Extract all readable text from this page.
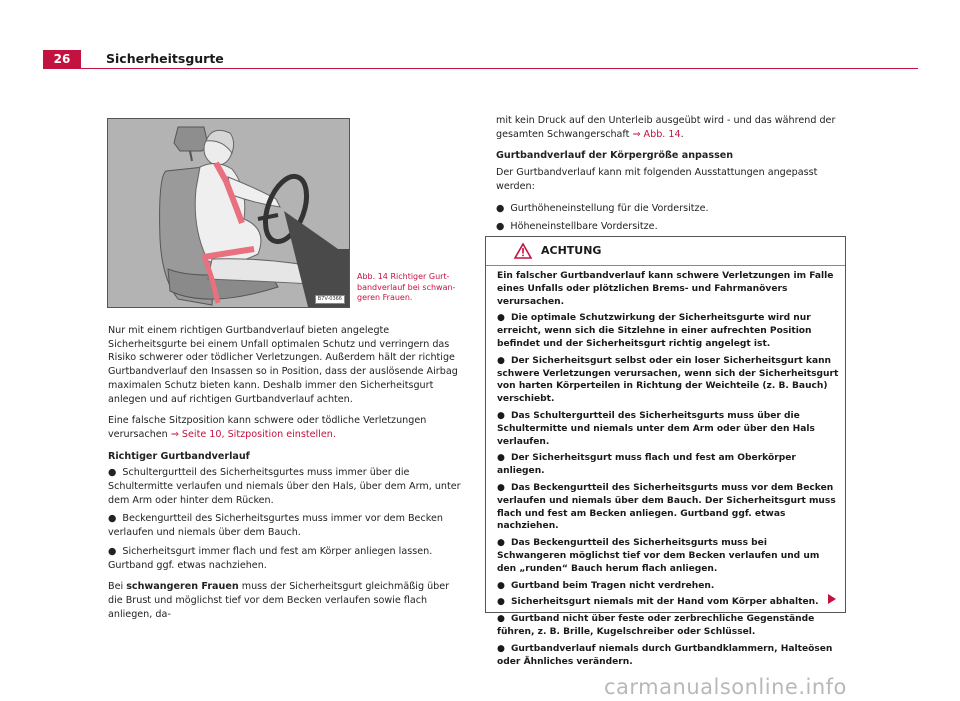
26	Sicherheitsgurte
B7V-0366
Abb. 14 Richtiger Gurt-bandverlauf bei schwan-geren Frauen.

Nur mit einem richtigen Gurtbandverlauf bieten angelegte Sicherheitsgurte bei einem Unfall optimalen Schutz und verringern das Risiko schwerer oder tödlicher Verletzungen. Außerdem hält der richtige Gurtbandverlauf den Insassen so in Position, dass der auslösende Airbag maximalen Schutz bieten kann. Deshalb immer den Sicherheitsgurt anlegen und auf richtigen Gurtbandverlauf achten.

Eine falsche Sitzposition kann schwere oder tödliche Verletzungen verursachen ⇒ Seite 10, Sitzposition einstellen.

Richtiger Gurtbandverlauf

● Schultergurtteil des Sicherheitsgurtes muss immer über die Schultermitte verlaufen und niemals über den Hals, über dem Arm, unter dem Arm oder hinter dem Rücken.

● Beckengurtteil des Sicherheitsgurtes muss immer vor dem Becken verlaufen und niemals über dem Bauch.

● Sicherheitsgurt immer flach und fest am Körper anliegen lassen. Gurtband ggf. etwas nachziehen.

Bei schwangeren Frauen muss der Sicherheitsgurt gleichmäßig über die Brust und möglichst tief vor dem Becken verlaufen sowie flach anliegen, da-

mit kein Druck auf den Unterleib ausgeübt wird - und das während der gesamten Schwangerschaft ⇒ Abb. 14.

Gurtbandverlauf der Körpergröße anpassen

Der Gurtbandverlauf kann mit folgenden Ausstattungen angepasst werden:

● Gurthöheneinstellung für die Vordersitze.

● Höheneinstellbare Vordersitze.

ACHTUNG

Ein falscher Gurtbandverlauf kann schwere Verletzungen im Falle eines Unfalls oder plötzlichen Brems- und Fahrmanövers verursachen.

● Die optimale Schutzwirkung der Sicherheitsgurte wird nur erreicht, wenn sich die Sitzlehne in einer aufrechten Position befindet und der Sicherheitsgurt richtig angelegt ist.

● Der Sicherheitsgurt selbst oder ein loser Sicherheitsgurt kann schwere Verletzungen verursachen, wenn sich der Sicherheitsgurt von harten Körperteilen in Richtung der Weichteile (z. B. Bauch) verschiebt.

● Das Schultergurtteil des Sicherheitsgurts muss über die Schultermitte und niemals unter dem Arm oder über den Hals verlaufen.

● Der Sicherheitsgurt muss flach und fest am Oberkörper anliegen.

● Das Beckengurtteil des Sicherheitsgurts muss vor dem Becken verlaufen und niemals über dem Bauch. Der Sicherheitsgurt muss flach und fest am Becken anliegen. Gurtband ggf. etwas nachziehen.

● Das Beckengurtteil des Sicherheitsgurts muss bei Schwangeren möglichst tief vor dem Becken verlaufen und um den „runden“ Bauch herum flach anliegen.

● Gurtband beim Tragen nicht verdrehen.

● Sicherheitsgurt niemals mit der Hand vom Körper abhalten.

● Gurtband nicht über feste oder zerbrechliche Gegenstände führen, z. B. Brille, Kugelschreiber oder Schlüssel.

● Gurtbandverlauf niemals durch Gurtbandklammern, Halteösen oder Ähnliches verändern.

carmanualsonline.info
